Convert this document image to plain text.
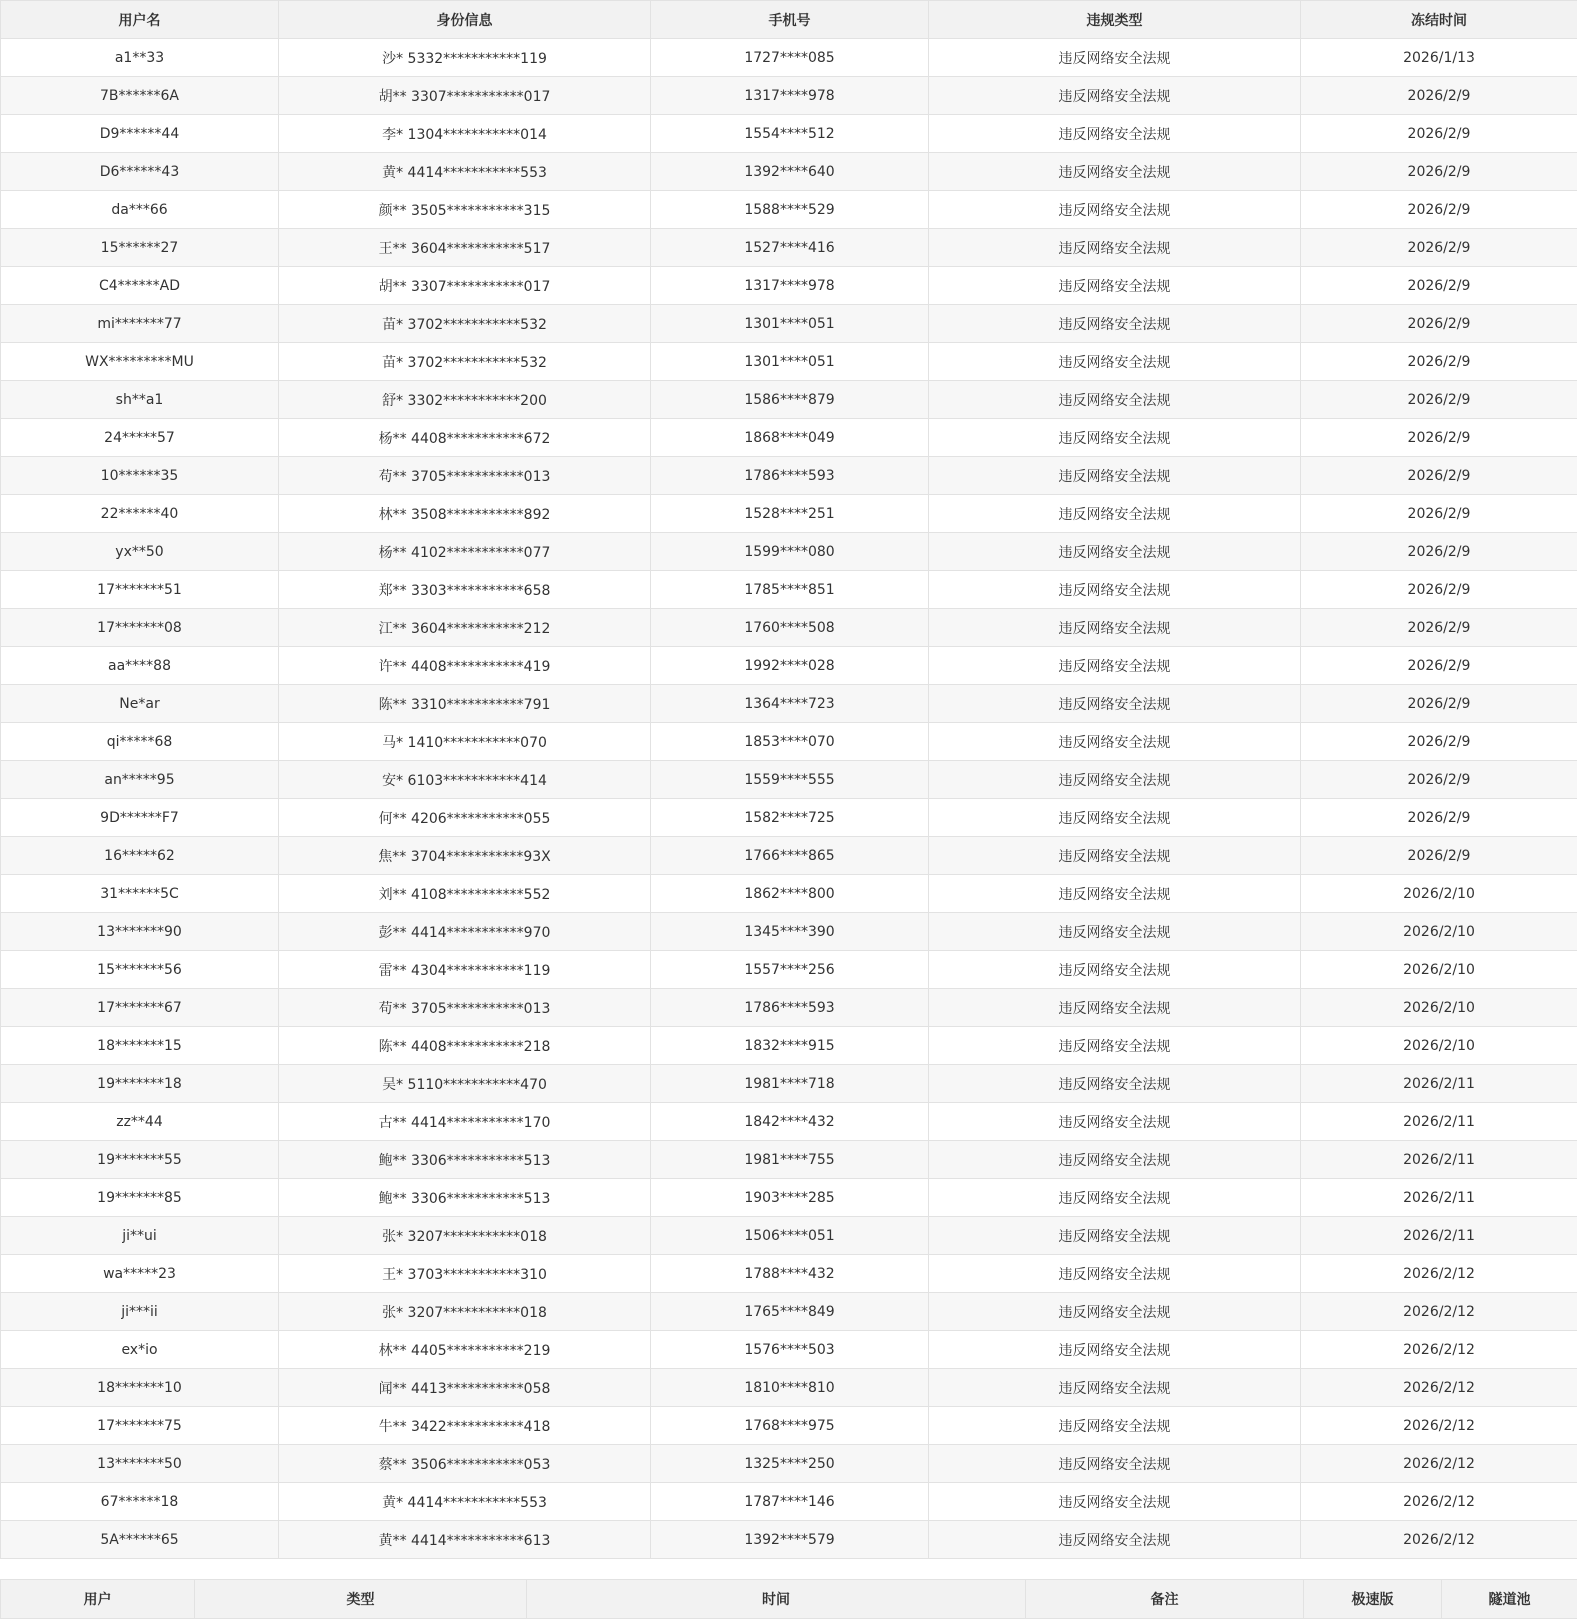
用户名	身份信息	手机号	违规类型	冻结时间
a1**33	沙* 5332***********119	1727****085	违反网络安全法规	2026/1/13
7B******6A	胡** 3307***********017	1317****978	违反网络安全法规	2026/2/9
D9******44	李* 1304***********014	1554****512	违反网络安全法规	2026/2/9
D6******43	黄* 4414***********553	1392****640	违反网络安全法规	2026/2/9
da***66	颜** 3505***********315	1588****529	违反网络安全法规	2026/2/9
15******27	王** 3604***********517	1527****416	违反网络安全法规	2026/2/9
C4******AD	胡** 3307***********017	1317****978	违反网络安全法规	2026/2/9
mi*******77	苗* 3702***********532	1301****051	违反网络安全法规	2026/2/9
WX*********MU	苗* 3702***********532	1301****051	违反网络安全法规	2026/2/9
sh**a1	舒* 3302***********200	1586****879	违反网络安全法规	2026/2/9
24*****57	杨** 4408***********672	1868****049	违反网络安全法规	2026/2/9
10******35	苟** 3705***********013	1786****593	违反网络安全法规	2026/2/9
22******40	林** 3508***********892	1528****251	违反网络安全法规	2026/2/9
yx**50	杨** 4102***********077	1599****080	违反网络安全法规	2026/2/9
17*******51	郑** 3303***********658	1785****851	违反网络安全法规	2026/2/9
17*******08	江** 3604***********212	1760****508	违反网络安全法规	2026/2/9
aa****88	许** 4408***********419	1992****028	违反网络安全法规	2026/2/9
Ne*ar	陈** 3310***********791	1364****723	违反网络安全法规	2026/2/9
qi*****68	马* 1410***********070	1853****070	违反网络安全法规	2026/2/9
an*****95	安* 6103***********414	1559****555	违反网络安全法规	2026/2/9
9D******F7	何** 4206***********055	1582****725	违反网络安全法规	2026/2/9
16*****62	焦** 3704***********93X	1766****865	违反网络安全法规	2026/2/9
31******5C	刘** 4108***********552	1862****800	违反网络安全法规	2026/2/10
13*******90	彭** 4414***********970	1345****390	违反网络安全法规	2026/2/10
15*******56	雷** 4304***********119	1557****256	违反网络安全法规	2026/2/10
17*******67	苟** 3705***********013	1786****593	违反网络安全法规	2026/2/10
18*******15	陈** 4408***********218	1832****915	违反网络安全法规	2026/2/10
19*******18	吴* 5110***********470	1981****718	违反网络安全法规	2026/2/11
zz**44	古** 4414***********170	1842****432	违反网络安全法规	2026/2/11
19*******55	鲍** 3306***********513	1981****755	违反网络安全法规	2026/2/11
19*******85	鲍** 3306***********513	1903****285	违反网络安全法规	2026/2/11
ji**ui	张* 3207***********018	1506****051	违反网络安全法规	2026/2/11
wa*****23	王* 3703***********310	1788****432	违反网络安全法规	2026/2/12
ji***ii	张* 3207***********018	1765****849	违反网络安全法规	2026/2/12
ex*io	林** 4405***********219	1576****503	违反网络安全法规	2026/2/12
18*******10	闻** 4413***********058	1810****810	违反网络安全法规	2026/2/12
17*******75	牛** 3422***********418	1768****975	违反网络安全法规	2026/2/12
13*******50	蔡** 3506***********053	1325****250	违反网络安全法规	2026/2/12
67******18	黄* 4414***********553	1787****146	违反网络安全法规	2026/2/12
5A******65	黄** 4414***********613	1392****579	违反网络安全法规	2026/2/12
用户	类型	时间	备注	极速版	隧道池
